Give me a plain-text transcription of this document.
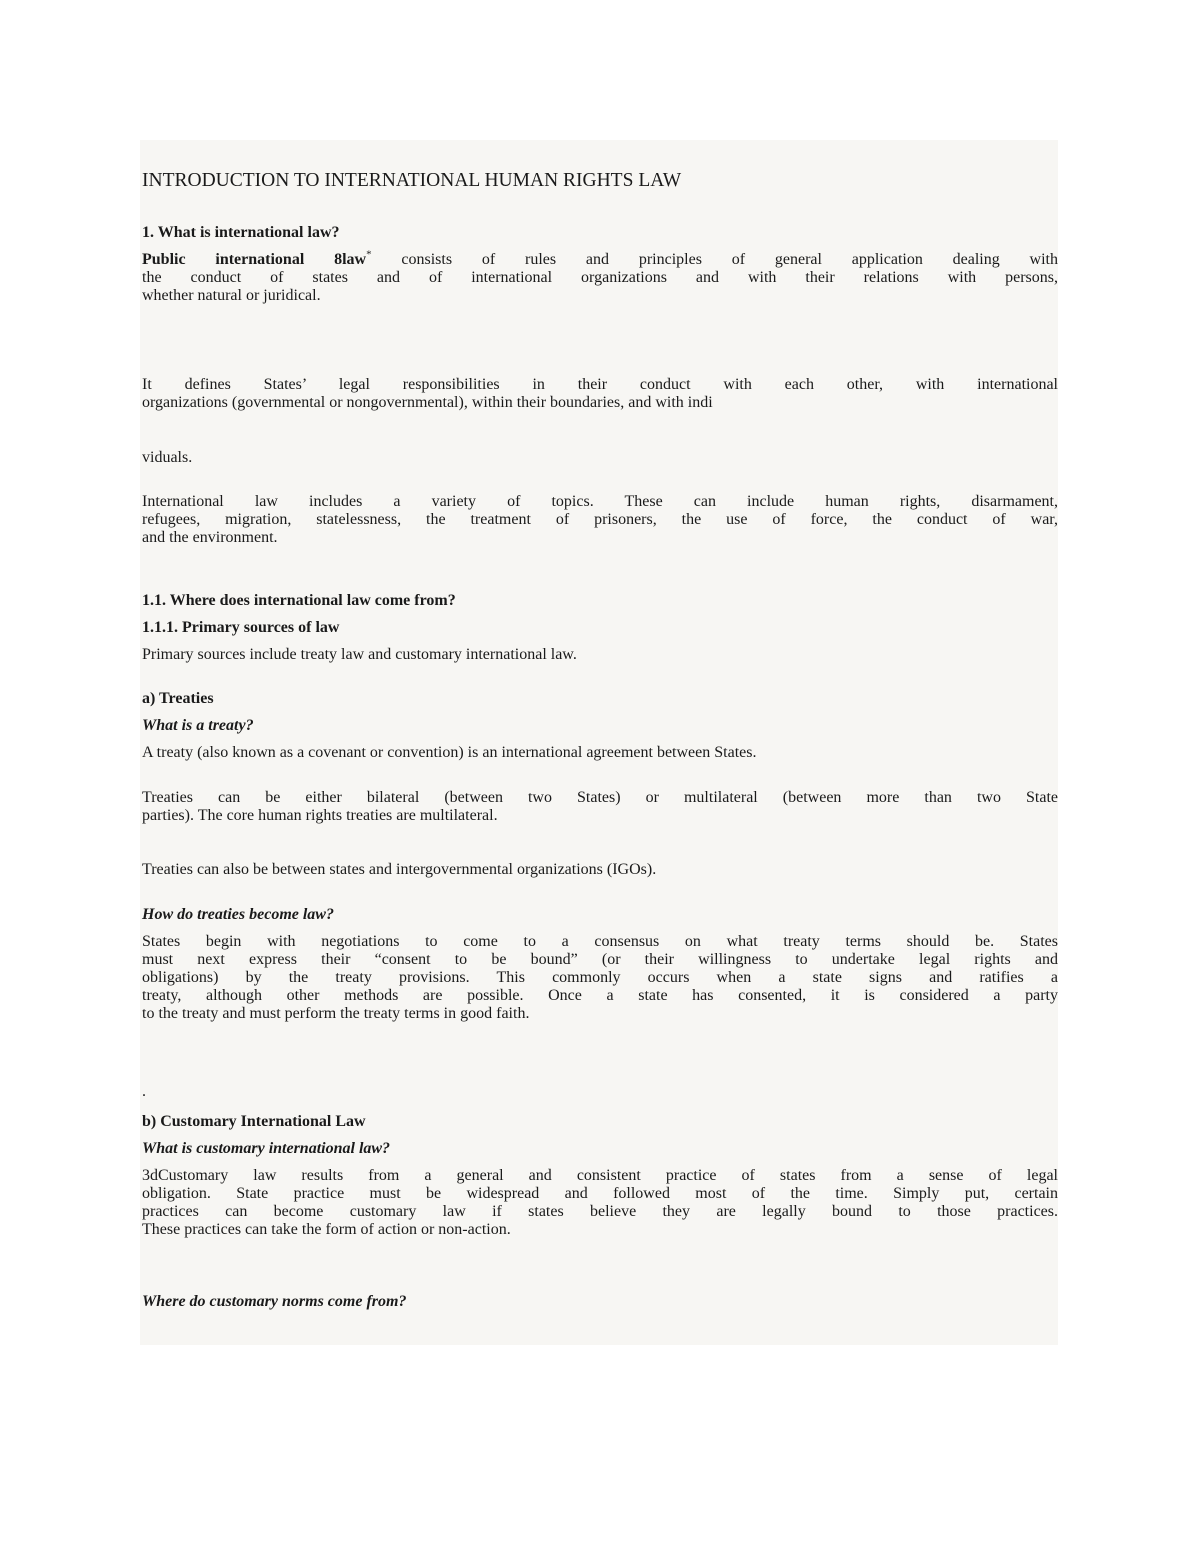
INTRODUCTION TO INTERNATIONAL HUMAN RIGHTS LAW
1. What is international law?
Public international 8law* consists of rules and principles of general application dealing with
the conduct of states and of international organizations and with their relations with persons,
whether natural or juridical.
It defines States’ legal responsibilities in their conduct with each other, with international
organizations (governmental or nongovernmental), within their boundaries, and with indi
viduals.
International law includes a variety of topics. These can include human rights, disarmament,
refugees, migration, statelessness, the treatment of prisoners, the use of force, the conduct of war,
and the environment.
1.1. Where does international law come from?
1.1.1. Primary sources of law
Primary sources include treaty law and customary international law.
a) Treaties
What is a treaty?
A treaty (also known as a covenant or convention) is an international agreement between States.
Treaties can be either bilateral (between two States) or multilateral (between more than two State
parties). The core human rights treaties are multilateral.
Treaties can also be between states and intergovernmental organizations (IGOs).
How do treaties become law?
States begin with negotiations to come to a consensus on what treaty terms should be. States
must next express their “consent to be bound” (or their willingness to undertake legal rights and
obligations) by the treaty provisions. This commonly occurs when a state signs and ratifies a
treaty, although other methods are possible. Once a state has consented, it is considered a party
to the treaty and must perform the treaty terms in good faith.
.
b) Customary International Law
What is customary international law?
3dCustomary law results from a general and consistent practice of states from a sense of legal
obligation. State practice must be widespread and followed most of the time. Simply put, certain
practices can become customary law if states believe they are legally bound to those practices.
These practices can take the form of action or non-action.
Where do customary norms come from?
